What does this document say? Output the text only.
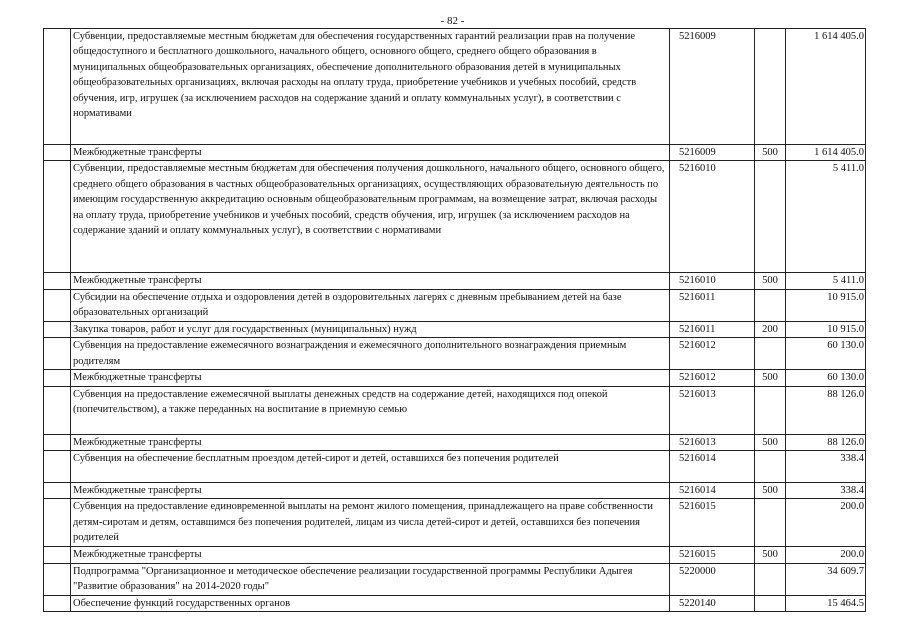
- 82 -
	Субвенции, предоставляемые местным бюджетам для обеспечения государственных гарантий реализации прав на получение общедоступного и бесплатного дошкольного, начального общего, основного общего, среднего общего образования в муниципальных общеобразовательных организациях, обеспечение дополнительного образования детей в муниципальных общеобразовательных организациях, включая расходы на оплату труда, приобретение учебников и учебных пособий, средств обучения, игр, игрушек (за исключением расходов на содержание зданий и оплату коммунальных услуг), в соответствии с нормативами	5216009		1 614 405.0
	Межбюджетные трансферты	5216009	500	1 614 405.0
	Субвенции, предоставляемые местным бюджетам для обеспечения получения дошкольного, начального общего, основного общего, среднего общего образования в частных общеобразовательных организациях, осуществляющих образовательную деятельность по имеющим государственную аккредитацию основным общеобразовательным программам, на возмещение затрат, включая расходы на оплату труда, приобретение учебников и учебных пособий, средств обучения, игр, игрушек (за исключением расходов на содержание зданий и оплату коммунальных услуг), в соответствии с нормативами	5216010		5 411.0
	Межбюджетные трансферты	5216010	500	5 411.0
	Субсидии на обеспечение отдыха и оздоровления детей в оздоровительных лагерях с дневным пребыванием детей на базе образовательных организаций	5216011		10 915.0
	Закупка товаров, работ и услуг для государственных (муниципальных) нужд	5216011	200	10 915.0
	Субвенция на предоставление ежемесячного вознаграждения и ежемесячного дополнительного вознаграждения приемным родителям	5216012		60 130.0
	Межбюджетные трансферты	5216012	500	60 130.0
	Субвенция на предоставление ежемесячной выплаты денежных средств на содержание детей, находящихся под опекой (попечительством), а также переданных на воспитание в приемную семью	5216013		88 126.0
	Межбюджетные трансферты	5216013	500	88 126.0
	Субвенция на обеспечение бесплатным проездом детей-сирот и детей, оставшихся без попечения родителей	5216014		338.4
	Межбюджетные трансферты	5216014	500	338.4
	Субвенция на предоставление единовременной выплаты на ремонт жилого помещения, принадлежащего на праве собственности детям-сиротам и детям, оставшимся без попечения родителей, лицам из числа детей-сирот и детей, оставшихся без попечения родителей	5216015		200.0
	Межбюджетные трансферты	5216015	500	200.0
	Подпрограмма "Организационное и методическое обеспечение реализации государственной программы Республики Адыгея "Развитие образования" на 2014-2020 годы"	5220000		34 609.7
	Обеспечение функций государственных органов	5220140		15 464.5
